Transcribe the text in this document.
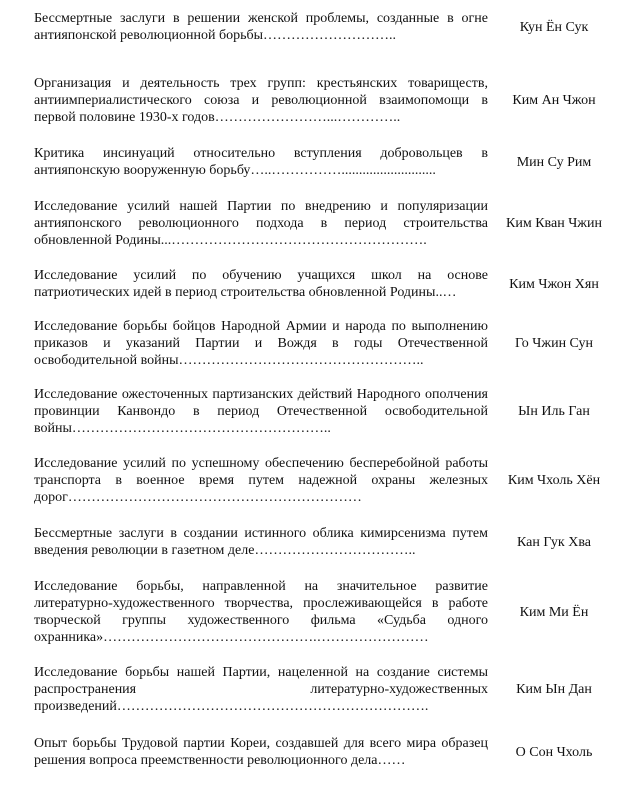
Бессмертные заслуги в решении женской проблемы, созданные в огне антияпонской революционной борьбы………………………..
Кун Ён Сук
Организация и деятельность трех групп: крестьянских товариществ, антиимпериалистического союза и революционной взаимопомощи в первой половине 1930-х годов……………………...…………..
Ким Ан Чжон
Критика инсинуаций относительно вступления добровольцев в антияпонскую вооруженную борьбу…..……………...........................
Мин Су Рим
Исследование усилий нашей Партии по внедрению и популяризации антияпонского революционного подхода в период строительства обновленной Родины...……………………………………………….
Ким Кван Чжин
Исследование усилий по обучению учащихся школ на основе патриотических идей в период строительства обновленной Родины..…
Ким Чжон Хян
Исследование борьбы бойцов Народной Армии и народа по выполнению приказов и указаний Партии и Вождя в годы Отечественной освободительной войны……………………………………………..
Го Чжин Сун
Исследование ожесточенных партизанских действий Народного ополчения провинции Канвондо в период Отечественной освободительной войны………………………………………………..
Ын Иль Ган
Исследование усилий по успешному обеспечению бесперебойной работы транспорта в военное время путем надежной охраны железных дорог………………………………………………………
Ким Чхоль Хён
Бессмертные заслуги в создании истинного облика кимирсенизма путем введения революции в газетном деле……………………………..
Кан Гук Хва
Исследование борьбы, направленной на значительное развитие литературно-художественного творчества, прослеживающейся в работе творческой группы художественного фильма «Судьба одного охранника»……………………………………….……………………
Ким Ми Ён
Исследование борьбы нашей Партии, нацеленной на создание системы распространения литературно-художественных произведений………………………………………………………….
Ким Ын Дан
Опыт борьбы Трудовой партии Кореи, создавшей для всего мира образец решения вопроса преемственности революционного дела……
О Сон Чхоль
